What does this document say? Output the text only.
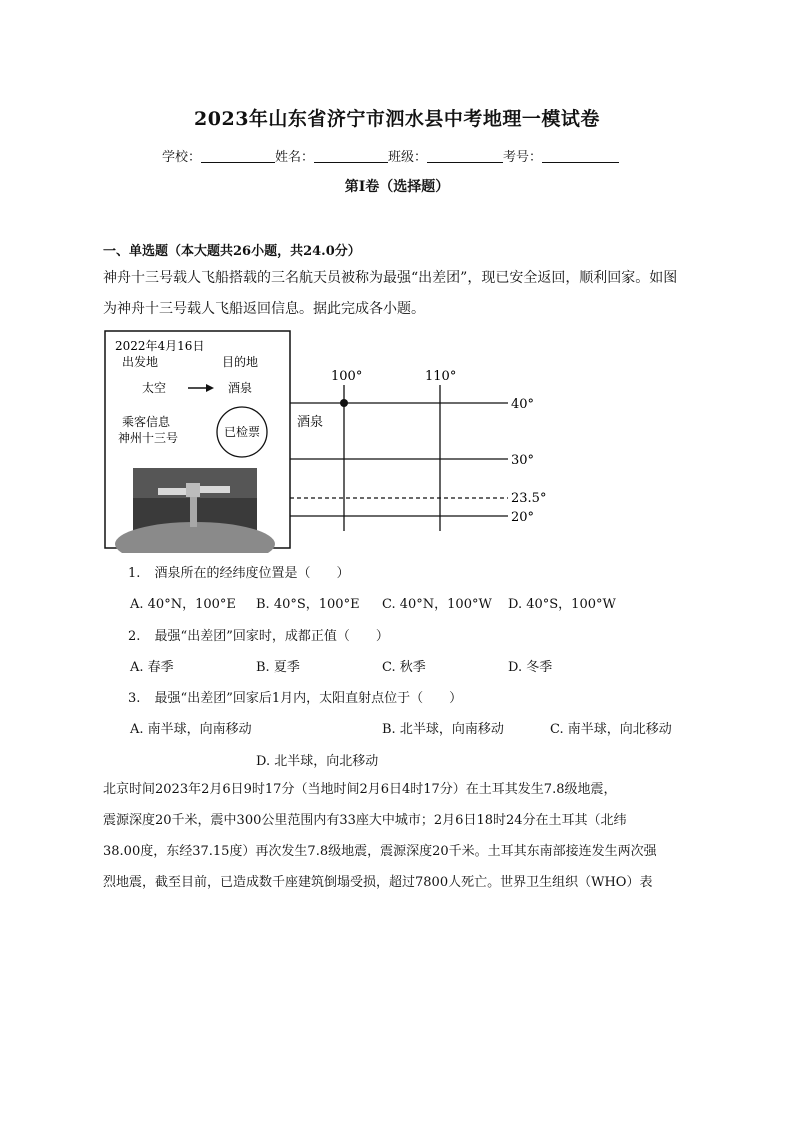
2023年山东省济宁市泗水县中考地理一模试卷
学校：	姓名：	班级：	考号：
第Ⅰ卷（选择题）
一、单选题（本大题共26小题，共24.0分）
神舟十三号载人飞船搭载的三名航天员被称为最强“出差团”，现已安全返回，顺利回家。如图
为神舟十三号载人飞船返回信息。据此完成各小题。
2022年4月16日
出发地	目的地
太空	酒泉
乘客信息
神州十三号	已检票
100°	110°
40°
30°
23.5°
20°
酒泉
1. 酒泉所在的经纬度位置是（　　）
A. 40°N，100°E B. 40°S，100°E C. 40°N，100°W D. 40°S，100°W
2. 最强“出差团”回家时，成都正值（　　）
A. 春季	B. 夏季	C. 秋季	D. 冬季
3. 最强“出差团”回家后1月内，太阳直射点位于（　　）
A. 南半球，向南移动	B. 北半球，向南移动	C. 南半球，向北移动
D. 北半球，向北移动
北京时间2023年2月6日9时17分（当地时间2月6日4时17分）在土耳其发生7.8级地震，
震源深度20千米，震中300公里范围内有33座大中城市；2月6日18时24分在土耳其（北纬
38.00度，东经37.15度）再次发生7.8级地震，震源深度20千米。土耳其东南部接连发生两次强
烈地震，截至目前，已造成数千座建筑倒塌受损，超过7800人死亡。世界卫生组织（WHO）表
